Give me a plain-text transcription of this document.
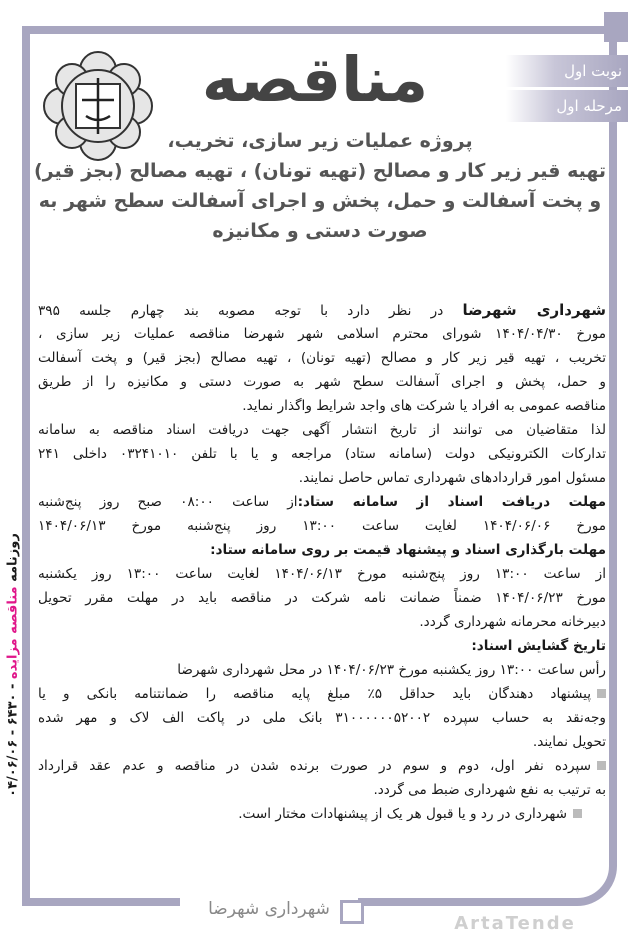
نوبت اول
مرحله اول
مناقصه
پروژه عملیات زیر سازی، تخریب،
تهیه قیر زیر کار و مصالح (تهیه تونان) ، تهیه مصالح (بجز قیر)
و پخت آسفالت و حمل، پخش و اجرای آسفالت سطح شهر به
صورت دستی و مکانیزه
شهرداری شهرضا در نظر دارد با توجه مصوبه بند چهارم جلسه ۳۹۵
مورخ ۱۴۰۴/۰۴/۳۰ شورای محترم اسلامی شهر شهرضا مناقصه عملیات زیر سازی ،
تخریب ، تهیه قیر زیر کار و مصالح (تهیه تونان) ، تهیه مصالح (بجز قیر) و پخت آسفالت
و حمل، پخش و اجرای آسفالت سطح شهر به صورت دستی و مکانیزه را از طریق
مناقصه عمومی به افراد یا شرکت های واجد شرایط واگذار نماید.
لذا متقاضیان می توانند از تاریخ انتشار آگهی جهت دریافت اسناد مناقصه به سامانه
تدارکات الکترونیکی دولت (سامانه ستاد) مراجعه و یا با تلفن ۰۳۲۴۱۰۱۰ داخلی ۲۴۱
مسئول امور قراردادهای شهرداری تماس حاصل نمایند.
مهلت دریافت اسناد از سامانه ستاد:از ساعت ۰۸:۰۰ صبح روز پنج‌شنبه
مورخ ۱۴۰۴/۰۶/۰۶ لغایت ساعت ۱۳:۰۰ روز پنج‌شنبه مورخ ۱۴۰۴/۰۶/۱۳
مهلت بارگذاری اسناد و پیشنهاد قیمت بر روی سامانه ستاد:
از ساعت ۱۳:۰۰ روز پنج‌شنبه مورخ ۱۴۰۴/۰۶/۱۳ لغایت ساعت ۱۳:۰۰ روز یکشنبه
مورخ ۱۴۰۴/۰۶/۲۳ ضمناً ضمانت نامه شرکت در مناقصه باید در مهلت مقرر تحویل
دبیرخانه محرمانه شهرداری گردد.
تاریخ گشایش اسناد:
رأس ساعت ۱۳:۰۰ روز یکشنبه مورخ ۱۴۰۴/۰۶/۲۳ در محل شهرداری شهرضا
پیشنهاد دهندگان باید حداقل ۵٪ مبلغ پایه مناقصه را ضمانتنامه بانکی و یا
وجه‌نقد به حساب سپرده ۳۱۰۰۰۰۰۰۵۲۰۰۲ بانک ملی در پاکت الف لاک و مهر شده
تحویل نمایند.
سپرده نفر اول، دوم و سوم در صورت برنده شدن در مناقصه و عدم عقد قرارداد
به ترتیب به نفع شهرداری ضبط می گردد.
شهرداری در رد و یا قبول هر یک از پیشنهادات مختار است.
شهرداری شهرضا
ArtaTende
روزنامه مناقصه مزایده - ۶۴۳۰ - ۰۴/۰۶/۰۶
